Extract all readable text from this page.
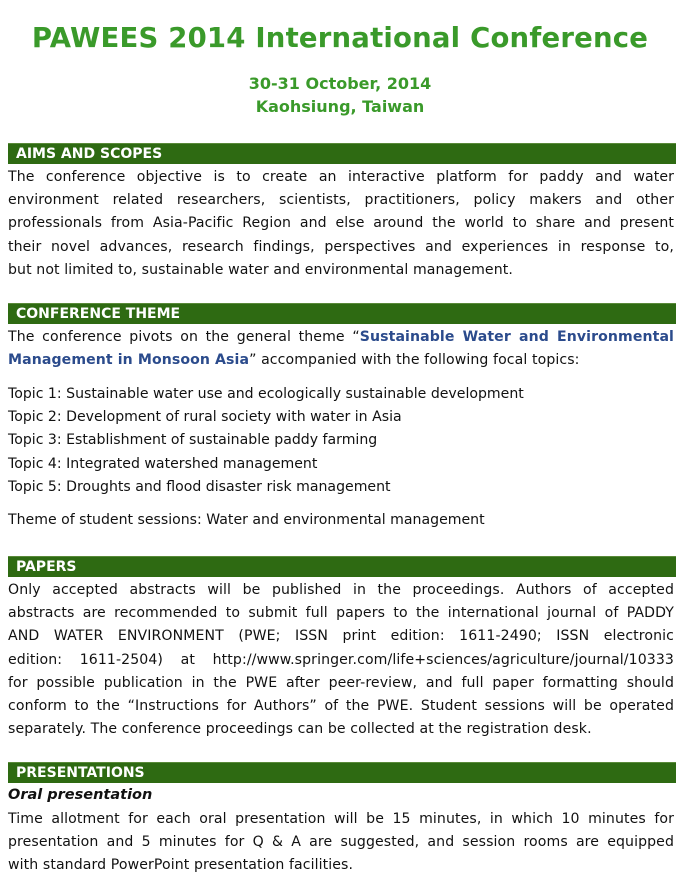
PAWEES 2014 International Conference
30-31 October, 2014
Kaohsiung, Taiwan
AIMS AND SCOPES
The conference objective is to create an interactive platform for paddy and water
environment related researchers, scientists, practitioners, policy makers and other
professionals from Asia-Pacific Region and else around the world to share and present
their novel advances, research findings, perspectives and experiences in response to,
but not limited to, sustainable water and environmental management.
CONFERENCE THEME
The conference pivots on the general theme “Sustainable Water and Environmental
Management in Monsoon Asia” accompanied with the following focal topics:
Topic 1: Sustainable water use and ecologically sustainable development
Topic 2: Development of rural society with water in Asia
Topic 3: Establishment of sustainable paddy farming
Topic 4: Integrated watershed management
Topic 5: Droughts and flood disaster risk management
Theme of student sessions: Water and environmental management
PAPERS
Only accepted abstracts will be published in the proceedings. Authors of accepted
abstracts are recommended to submit full papers to the international journal of PADDY
AND WATER ENVIRONMENT (PWE; ISSN print edition: 1611-2490; ISSN electronic
edition: 1611-2504) at http://www.springer.com/life+sciences/agriculture/journal/10333
for possible publication in the PWE after peer-review, and full paper formatting should
conform to the “Instructions for Authors” of the PWE. Student sessions will be operated
separately. The conference proceedings can be collected at the registration desk.
PRESENTATIONS
Oral presentation
Time allotment for each oral presentation will be 15 minutes, in which 10 minutes for
presentation and 5 minutes for Q & A are suggested, and session rooms are equipped
with standard PowerPoint presentation facilities.
